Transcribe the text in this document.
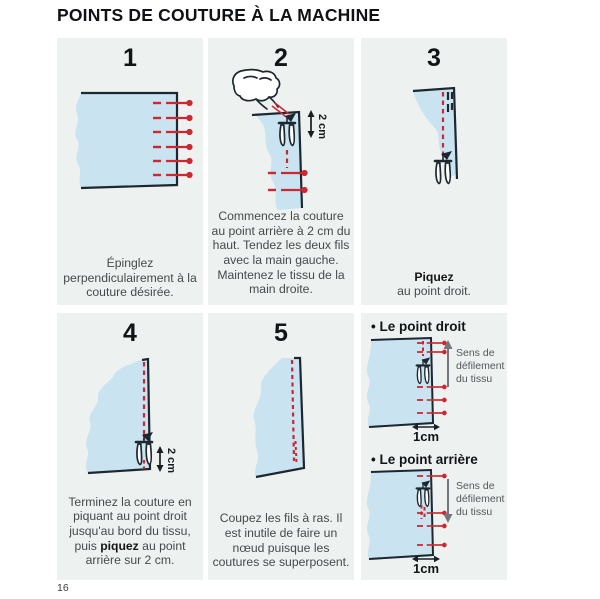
POINTS DE COUTURE À LA MACHINE
1
Épinglez perpendiculairement à la couture désirée.
2
2 cm
Commencez la couture au point arrière à 2 cm du haut. Tendez les deux fils avec la main gauche. Maintenez le tissu de la main droite.
3
Piquez
au point droit.
4
2 cm
Terminez la couture en piquant au point droit jusqu'au bord du tissu, puis piquez au point arrière sur 2 cm.
5
Coupez les fils à ras. Il est inutile de faire un nœud puisque les coutures se superposent.
• Le point droit
Sens de
défilement
du tissu
1cm
• Le point arrière
Sens de
défilement
du tissu
1cm
16
